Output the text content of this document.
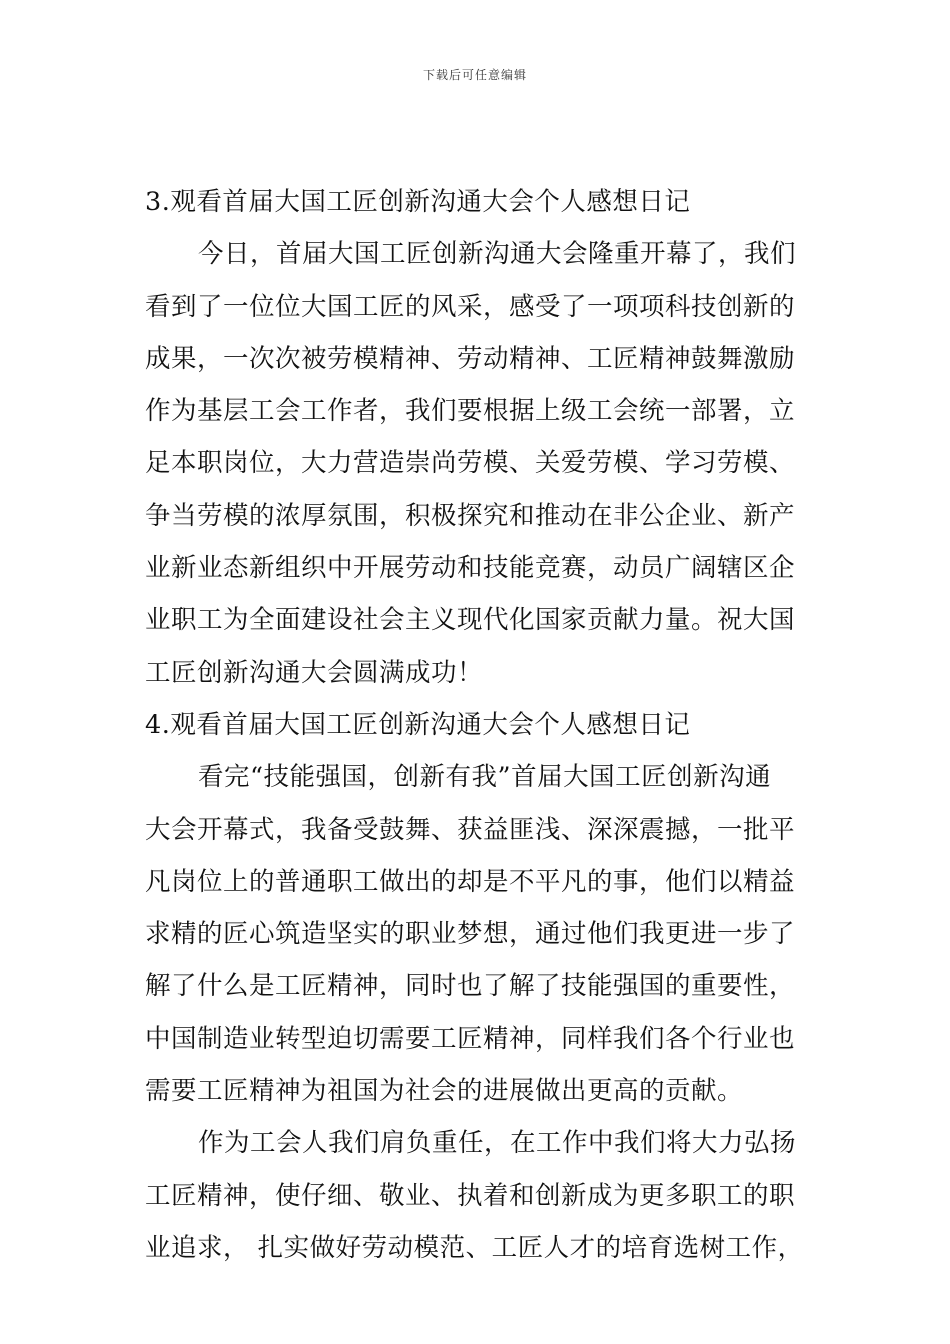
下载后可任意编辑
3.观看首届大国工匠创新沟通大会个人感想日记
今日，首届大国工匠创新沟通大会隆重开幕了，我们
看到了一位位大国工匠的风采，感受了一项项科技创新的
成果，一次次被劳模精神、劳动精神、工匠精神鼓舞激励
作为基层工会工作者，我们要根据上级工会统一部署，立
足本职岗位，大力营造崇尚劳模、关爱劳模、学习劳模、
争当劳模的浓厚氛围，积极探究和推动在非公企业、新产
业新业态新组织中开展劳动和技能竞赛，动员广阔辖区企
业职工为全面建设社会主义现代化国家贡献力量。祝大国
工匠创新沟通大会圆满成功！
4.观看首届大国工匠创新沟通大会个人感想日记
看完“技能强国，创新有我”首届大国工匠创新沟通
大会开幕式，我备受鼓舞、获益匪浅、深深震撼，一批平
凡岗位上的普通职工做出的却是不平凡的事，他们以精益
求精的匠心筑造坚实的职业梦想，通过他们我更进一步了
解了什么是工匠精神，同时也了解了技能强国的重要性，
中国制造业转型迫切需要工匠精神，同样我们各个行业也
需要工匠精神为祖国为社会的进展做出更高的贡献。
作为工会人我们肩负重任，在工作中我们将大力弘扬
工匠精神，使仔细、敬业、执着和创新成为更多职工的职
业追求， 扎实做好劳动模范、工匠人才的培育选树工作，
